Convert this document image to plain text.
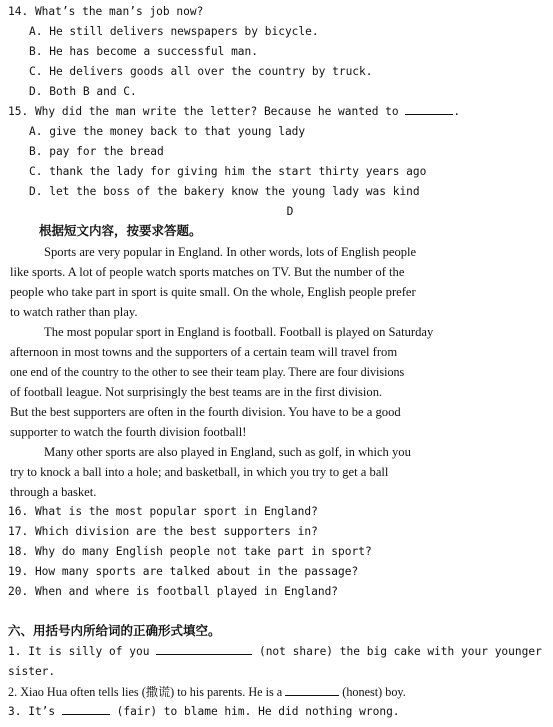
14. What’s the man’s job now?
A. He still delivers newspapers by bicycle.
B. He has become a successful man.
C. He delivers goods all over the country by truck.
D. Both B and C.
15. Why did the man write the letter? Because he wanted to	.
A. give the money back to that young lady
B. pay for the bread
C. thank the lady for giving him the start thirty years ago
D. let the boss of the bakery know the young lady was kind
D
根据短文内容，按要求答题。
Sports are very popular in England. In other words, lots of English people
like sports. A lot of people watch sports matches on TV. But the number of the
people who take part in sport is quite small. On the whole, English people prefer
to watch rather than play.
The most popular sport in England is football. Football is played on Saturday
afternoon in most towns and the supporters of a certain team will travel from
one end of the country to the other to see their team play. There are four divisions
of football league. Not surprisingly the best teams are in the first division.
But the best supporters are often in the fourth division. You have to be a good
supporter to watch the fourth division football!
Many other sports are also played in England, such as golf, in which you
try to knock a ball into a hole; and basketball, in which you try to get a ball
through a basket.
16. What is the most popular sport in England?
17. Which division are the best supporters in?
18. Why do many English people not take part in sport?
19. How many sports are talked about in the passage?
20. When and where is football played in England?
六、用括号内所给词的正确形式填空。
1. It is silly of you	(not share) the big cake with your younger
sister.
2. Xiao Hua often tells lies (撒谎) to his parents. He is a	(honest) boy.
3. It’s	(fair) to blame him. He did nothing wrong.
